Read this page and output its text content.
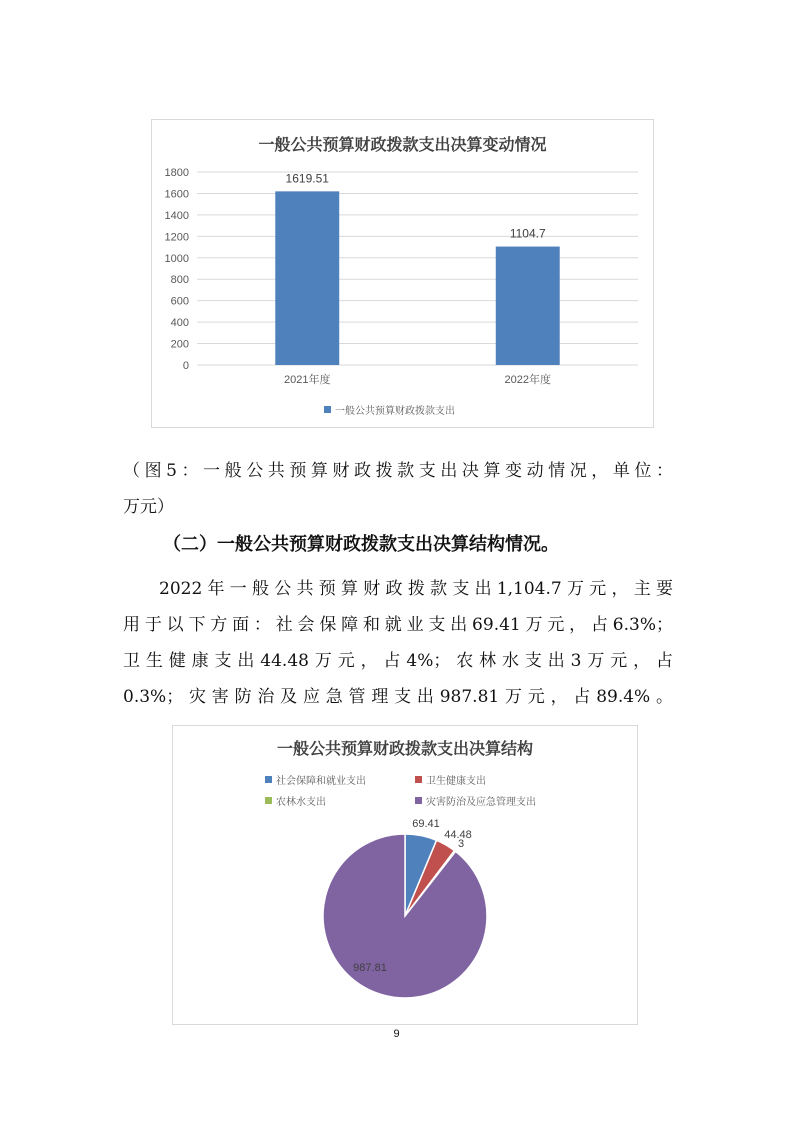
一般公共预算财政拨款支出决算变动情况
0
200
400
600
800
1000
1200
1400
1600
1800	1619.51
2021年度
1104.7
2022年度
一般公共预算财政拨款支出
（图5：一般公共预算财政拨款支出决算变动情况，单位：
万元）
（二）一般公共预算财政拨款支出决算结构情况。
2022年一般公共预算财政拨款支出1,104.7万元，主要
用于以下方面：社会保障和就业支出69.41万元，占6.3%；
卫生健康支出44.48万元，占4%；农林水支出3万元，占
0.3%；灾害防治及应急管理支出987.81万元，占89.4%。
一般公共预算财政拨款支出决算结构
社会保障和就业支出	卫生健康支出
农林水支出	灾害防治及应急管理支出
69.41
44.48
3
987.81
9
